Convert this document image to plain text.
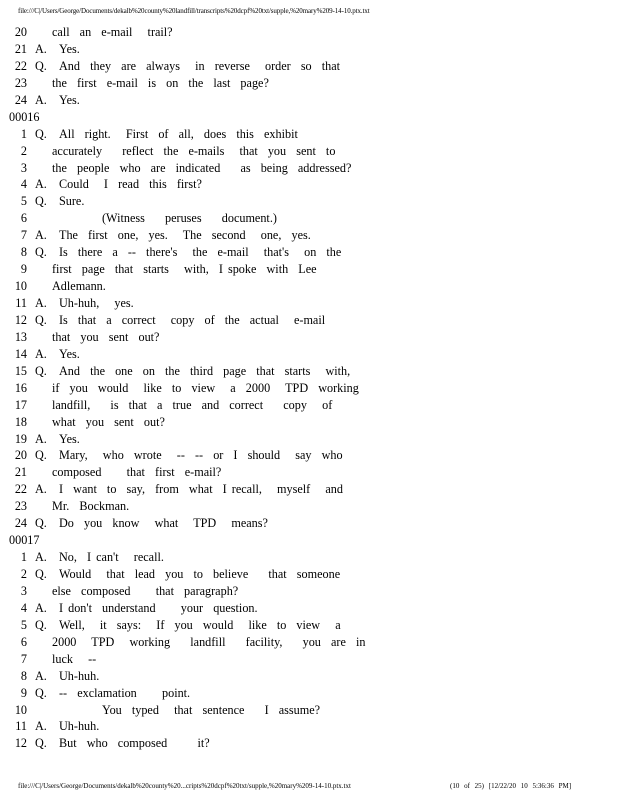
file:///C|/Users/George/Documents/dekalb%20county%20landfill/transcripts%20dcpf%20txt/supple,%20mary%209-14-10.ptx.txt
20 call  an  e-mail   trail?
21 A. Yes.
22 Q. And  they  are  always   in  reverse   order  so  that
23 the  first  e-mail  is  on  the  last  page?
24 A. Yes.
00016
1 Q. All  right.   First  of  all,  does  this  exhibit
2 accurately    reflect  the  e-mails   that  you  sent  to
3 the  people  who  are  indicated    as  being  addressed?
4 A. Could   I  read  this  first?
5 Q. Sure.
6	(Witness    peruses    document.)
7 A. The  first  one,  yes.   The  second   one,  yes.
8 Q. Is  there  a  --  there's   the  e-mail   that's   on  the
9 first  page  that  starts   with,  I spoke  with  Lee
10 Adlemann.
11 A. Uh-huh,   yes.
12 Q. Is  that  a  correct   copy  of  the  actual   e-mail
13 that  you  sent  out?
14 A. Yes.
15 Q. And  the  one  on  the  third  page  that  starts   with,
16 if  you  would   like  to  view   a  2000   TPD  working
17 landfill,    is  that  a  true  and  correct    copy   of
18 what  you  sent  out?
19 A. Yes.
20 Q. Mary,   who  wrote   --  --  or  I  should   say  who
21 composed     that  first  e-mail?
22 A. I  want  to  say,  from  what  I recall,   myself   and
23 Mr.  Bockman.
24 Q. Do  you  know   what   TPD   means?
00017
1 A. No,  I can't   recall.
2 Q. Would   that  lead  you  to  believe    that  someone
3 else  composed     that  paragraph?
4 A. I don't  understand     your  question.
5 Q. Well,   it  says:   If  you  would   like  to  view   a
6 2000   TPD   working    landfill    facility,    you  are  in
7 luck   --
8 A. Uh-huh.
9 Q. --  exclamation     point.
10	You  typed   that  sentence    I  assume?
11 A. Uh-huh.
12 Q. But  who  composed      it?
file:///C|/Users/George/Documents/dekalb%20county%20...cripts%20dcpf%20txt/supple,%20mary%209-14-10.ptx.txt	(10 of 25) [12/22/20 10 5:36:36 PM]
